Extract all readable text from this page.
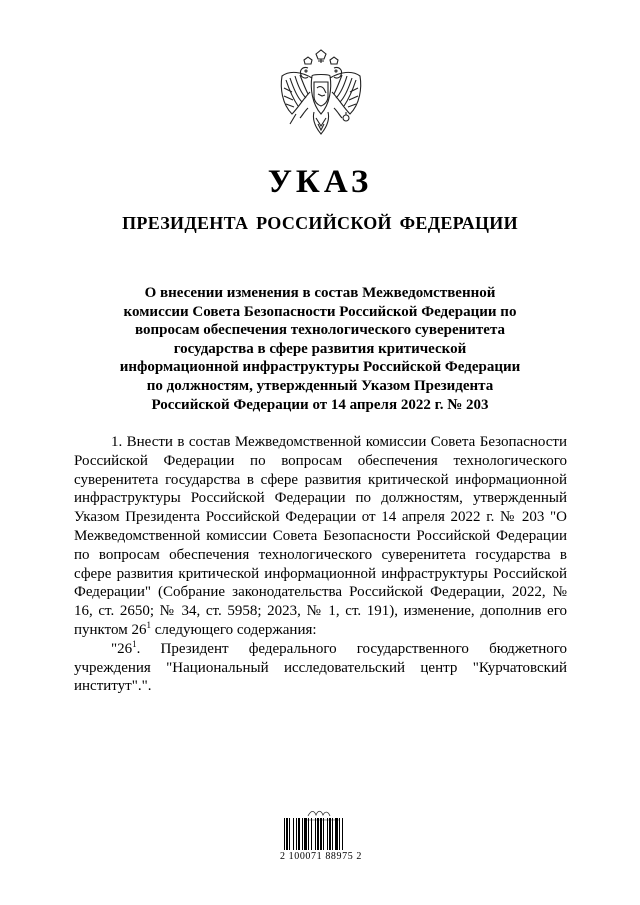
УКАЗ
ПРЕЗИДЕНТА РОССИЙСКОЙ ФЕДЕРАЦИИ
О внесении изменения в состав Межведомственной
комиссии Совета Безопасности Российской Федерации по
вопросам обеспечения технологического суверенитета
государства в сфере развития критической
информационной инфраструктуры Российской Федерации
по должностям, утвержденный Указом Президента
Российской Федерации от 14 апреля 2022 г. № 203

1. Внести в состав Межведомственной комиссии Совета Безопасности Российской Федерации по вопросам обеспечения технологического суверенитета государства в сфере развития критической информационной инфраструктуры Российской Федерации по должностям, утвержденный Указом Президента Российской Федерации от 14 апреля 2022 г. № 203 "О Межведомственной комиссии Совета Безопасности Российской Федерации по вопросам обеспечения технологического суверенитета государства в сфере развития критической информационной инфраструктуры Российской Федерации" (Собрание законодательства Российской Федерации, 2022, № 16, ст. 2650; № 34, ст. 5958; 2023, № 1, ст. 191), изменение, дополнив его пунктом $26^1$ следующего содержания:

"$26^1$. Президент федерального государственного бюджетного учреждения "Национальный исследовательский центр "Курчатовский институт".".

2 100071 88975 2
